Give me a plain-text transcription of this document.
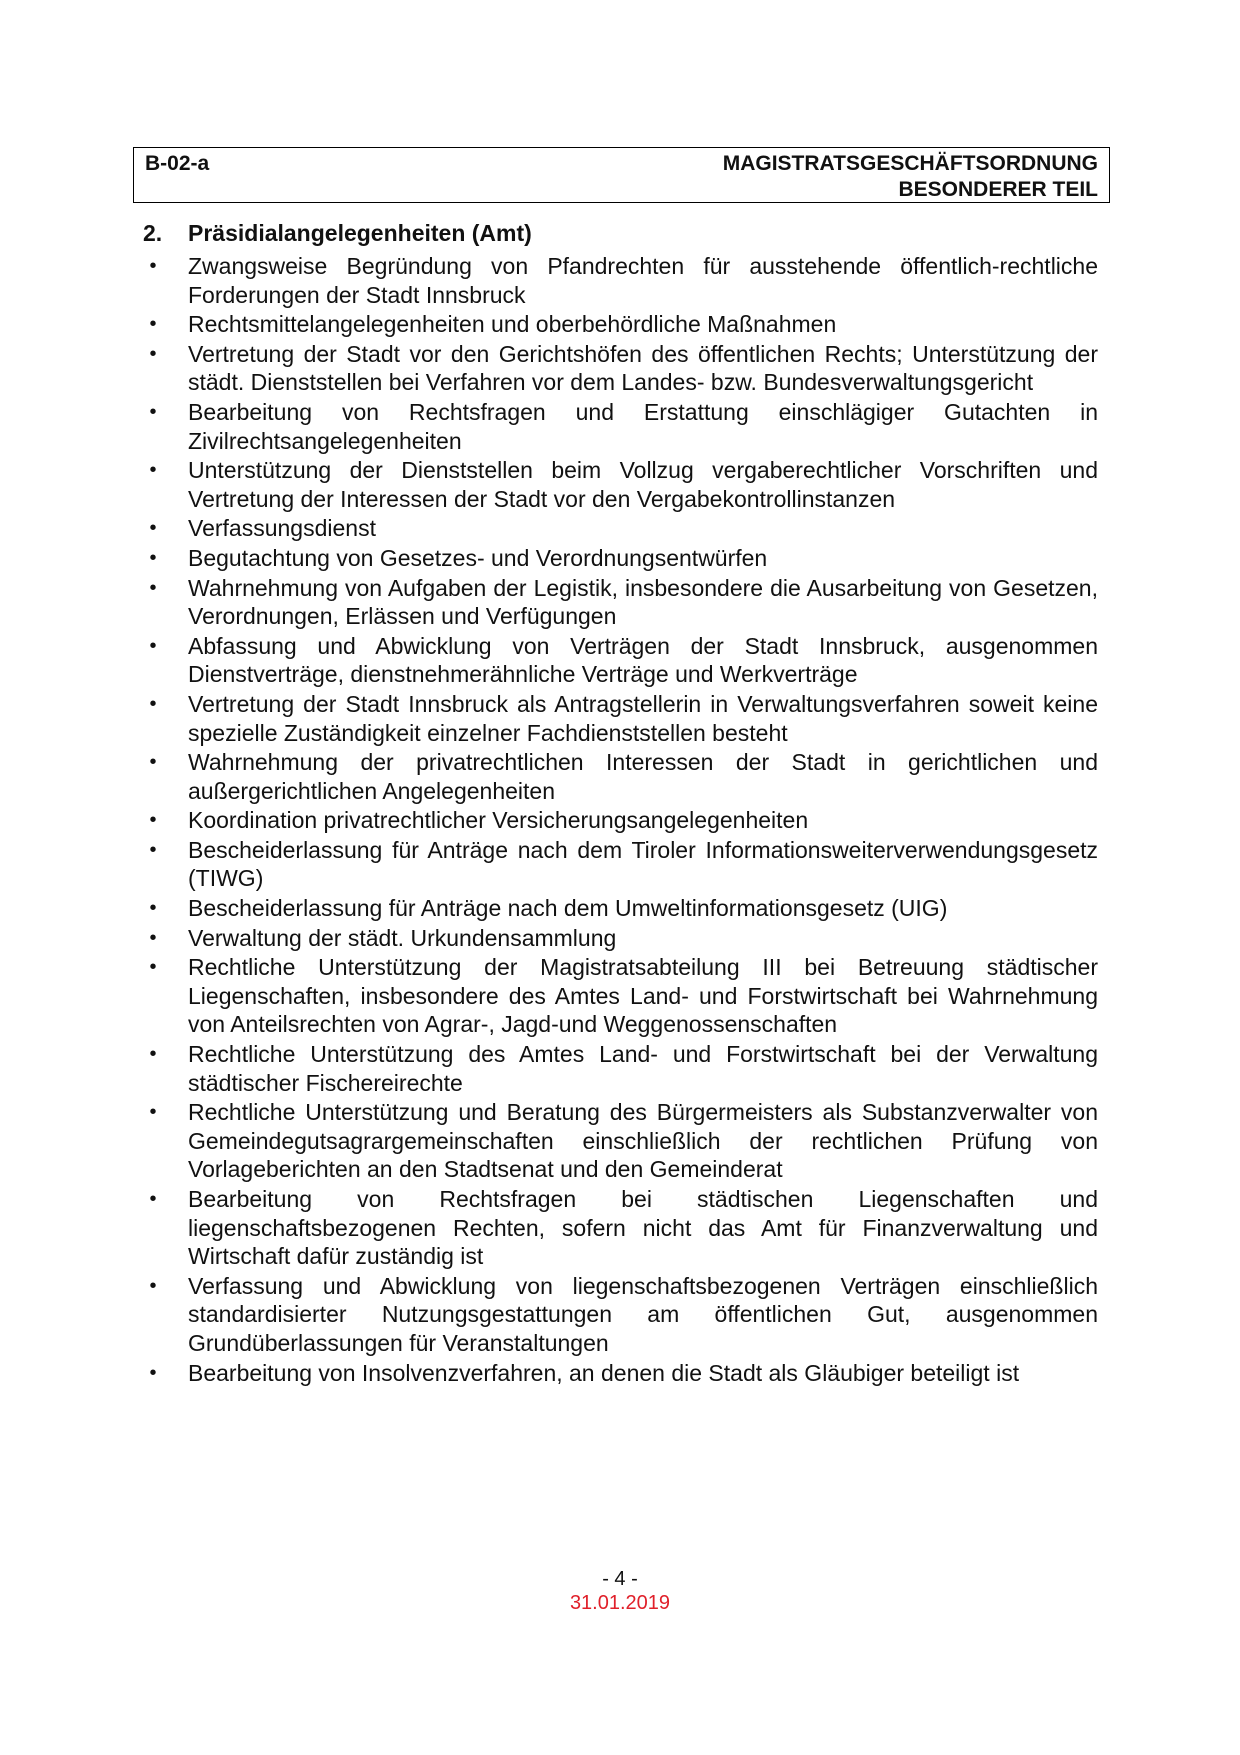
B-02-a	MAGISTRATSGESCHÄFTSORDNUNG
BESONDERER TEIL
2.	Präsidialangelegenheiten (Amt)
• Zwangsweise Begründung von Pfandrechten für ausstehende öffentlich-rechtliche Forderungen der Stadt Innsbruck
• Rechtsmittelangelegenheiten und oberbehördliche Maßnahmen
• Vertretung der Stadt vor den Gerichtshöfen des öffentlichen Rechts; Unterstützung der städt. Dienststellen bei Verfahren vor dem Landes- bzw. Bundesverwaltungsgericht
• Bearbeitung von Rechtsfragen und Erstattung einschlägiger Gutachten in Zivilrechtsangelegenheiten
• Unterstützung der Dienststellen beim Vollzug vergaberechtlicher Vorschriften und Vertretung der Interessen der Stadt vor den Vergabekontrollinstanzen
• Verfassungsdienst
• Begutachtung von Gesetzes- und Verordnungsentwürfen
• Wahrnehmung von Aufgaben der Legistik, insbesondere die Ausarbeitung von Gesetzen, Verordnungen, Erlässen und Verfügungen
• Abfassung und Abwicklung von Verträgen der Stadt Innsbruck, ausgenommen Dienstverträge, dienstnehmerähnliche Verträge und Werkverträge
• Vertretung der Stadt Innsbruck als Antragstellerin in Verwaltungsverfahren soweit keine spezielle Zuständigkeit einzelner Fachdienststellen besteht
• Wahrnehmung der privatrechtlichen Interessen der Stadt in gerichtlichen und außergerichtlichen Angelegenheiten
• Koordination privatrechtlicher Versicherungsangelegenheiten
• Bescheiderlassung für Anträge nach dem Tiroler Informationsweiterverwendungsgesetz (TIWG)
• Bescheiderlassung für Anträge nach dem Umweltinformationsgesetz (UIG)
• Verwaltung der städt. Urkundensammlung
• Rechtliche Unterstützung der Magistratsabteilung III bei Betreuung städtischer Liegenschaften, insbesondere des Amtes Land- und Forstwirtschaft bei Wahrnehmung von Anteilsrechten von Agrar-, Jagd-und Weggenossenschaften
• Rechtliche Unterstützung des Amtes Land- und Forstwirtschaft bei der Verwaltung städtischer Fischereirechte
• Rechtliche Unterstützung und Beratung des Bürgermeisters als Substanzverwalter von Gemeindegutsagrargemeinschaften einschließlich der rechtlichen Prüfung von Vorlageberichten an den Stadtsenat und den Gemeinderat
• Bearbeitung von Rechtsfragen bei städtischen Liegenschaften und liegenschaftsbezogenen Rechten, sofern nicht das Amt für Finanzverwaltung und Wirtschaft dafür zuständig ist
• Verfassung und Abwicklung von liegenschaftsbezogenen Verträgen einschließlich standardisierter Nutzungsgestattungen am öffentlichen Gut, ausgenommen Grundüberlassungen für Veranstaltungen
• Bearbeitung von Insolvenzverfahren, an denen die Stadt als Gläubiger beteiligt ist
- 4 -
31.01.2019
